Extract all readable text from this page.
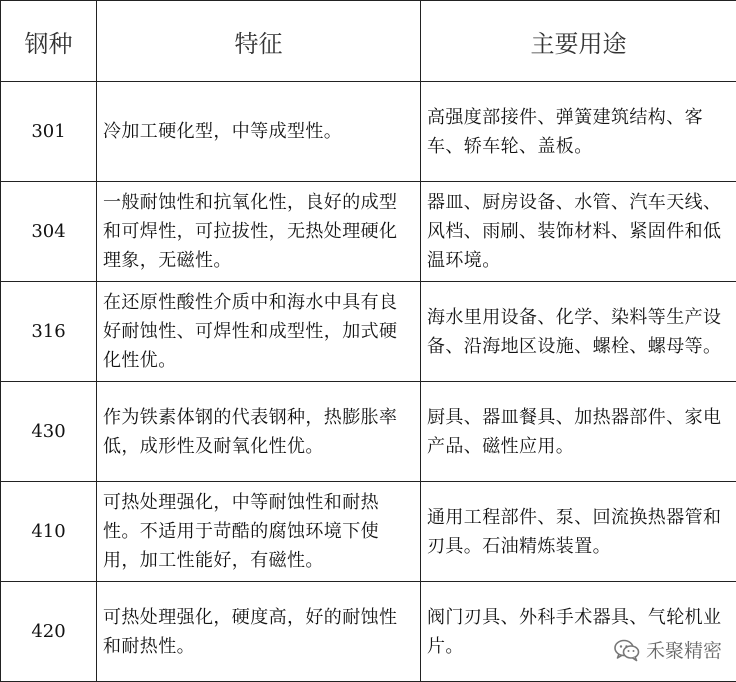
钢种	特征	主要用途
301	冷加工硬化型，中等成型性。	高强度部接件、弹簧建筑结构、客车、轿车轮、盖板。
304	一般耐蚀性和抗氧化性，良好的成型和可焊性，可拉拔性，无热处理硬化理象，无磁性。	器皿、厨房设备、水管、汽车天线、风档、雨刷、装饰材料、紧固件和低温环境。
316	在还原性酸性介质中和海水中具有良好耐蚀性、可焊性和成型性，加式硬化性优。	海水里用设备、化学、染料等生产设备、沿海地区设施、螺栓、螺母等。
430	作为铁素体钢的代表钢种，热膨胀率低，成形性及耐氧化性优。	厨具、器皿餐具、加热器部件、家电产品、磁性应用。
410	可热处理强化，中等耐蚀性和耐热性。不适用于苛酷的腐蚀环境下使用，加工性能好，有磁性。	通用工程部件、泵、回流换热器管和刃具。石油精炼装置。
420	可热处理强化，硬度高，好的耐蚀性和耐热性。	阀门刃具、外科手术器具、气轮机业片。	禾聚精密
